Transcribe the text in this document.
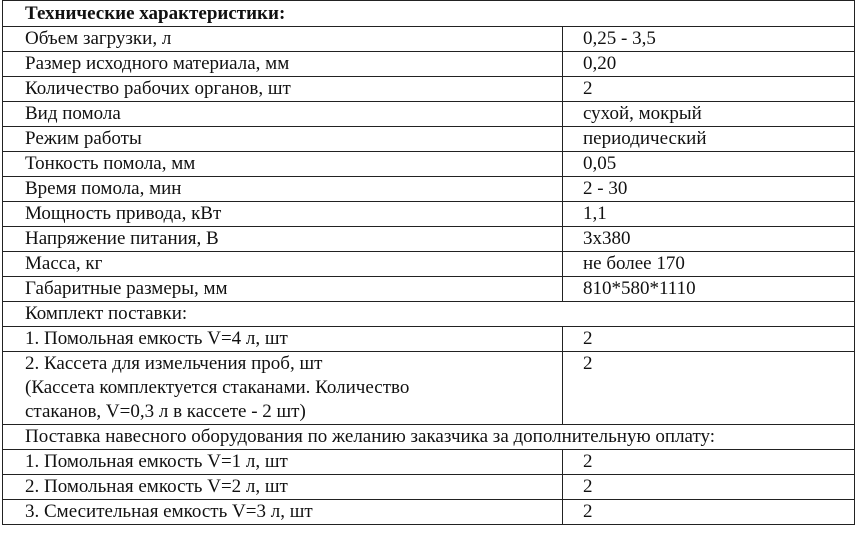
Технические характеристики:	
Объем загрузки, л	0,25 - 3,5
Размер исходного материала, мм	0,20
Количество рабочих органов, шт	2
Вид помола	сухой, мокрый
Режим работы	периодический
Тонкость помола, мм	0,05
Время помола, мин	2 - 30
Мощность привода, кВт	1,1
Напряжение питания, В	3х380
Масса, кг	не более 170
Габаритные размеры, мм	810*580*1110
Комплект поставки:	
1. Помольная емкость V=4 л, шт	2

2. Кассета для измельчения проб, шт
(Кассета комплектуется стаканами. Количество
стаканов, V=0,3 л в кассете - 2 шт)	2
Поставка навесного оборудования по желанию заказчика за дополнительную оплату:	
1. Помольная емкость V=1 л, шт	2
2. Помольная емкость V=2 л, шт	2
3. Смесительная емкость V=3 л, шт	2
